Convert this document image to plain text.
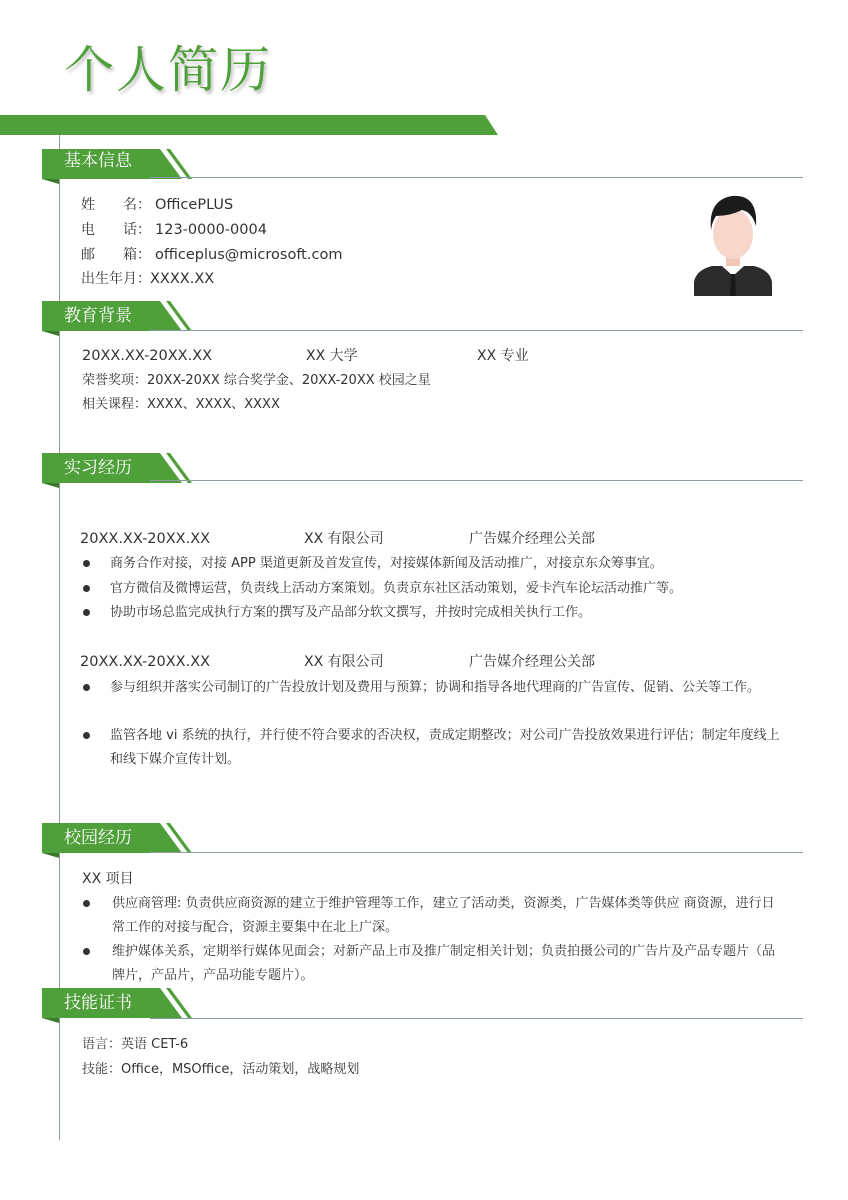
个人简历
基本信息
姓　　名： OfficePLUS
电　　话： 123-0000-0004
邮　　箱： officeplus@microsoft.com
出生年月： XXXX.XX
教育背景
20XX.XX-20XX.XX	XX 大学	XX 专业
荣誉奖项：20XX-20XX 综合奖学金、20XX-20XX 校园之星
相关课程：XXXX、XXXX、XXXX
实习经历
20XX.XX-20XX.XX	XX 有限公司	广告媒介经理公关部
商务合作对接，对接 APP 渠道更新及首发宣传，对接媒体新闻及活动推广，对接京东众筹事宜。
官方微信及微博运营，负责线上活动方案策划。负责京东社区活动策划，爱卡汽车论坛活动推广等。
协助市场总监完成执行方案的撰写及产品部分软文撰写，并按时完成相关执行工作。
20XX.XX-20XX.XX	XX 有限公司	广告媒介经理公关部
参与组织并落实公司制订的广告投放计划及费用与预算；协调和指导各地代理商的广告宣传、促销、公关等工作。
监管各地 vi 系统的执行，并行使不符合要求的否决权，责成定期整改；对公司广告投放效果进行评估；制定年度线上和线下媒介宣传计划。
校园经历
XX 项目
供应商管理: 负责供应商资源的建立于维护管理等工作，建立了活动类，资源类，广告媒体类等供应 商资源，进行日常工作的对接与配合，资源主要集中在北上广深。
维护媒体关系，定期举行媒体见面会；对新产品上市及推广制定相关计划；负责拍摄公司的广告片及产品专题片（品牌片，产品片，产品功能专题片）。
技能证书
语言：英语 CET-6
技能：Office，MSOffice，活动策划，战略规划
